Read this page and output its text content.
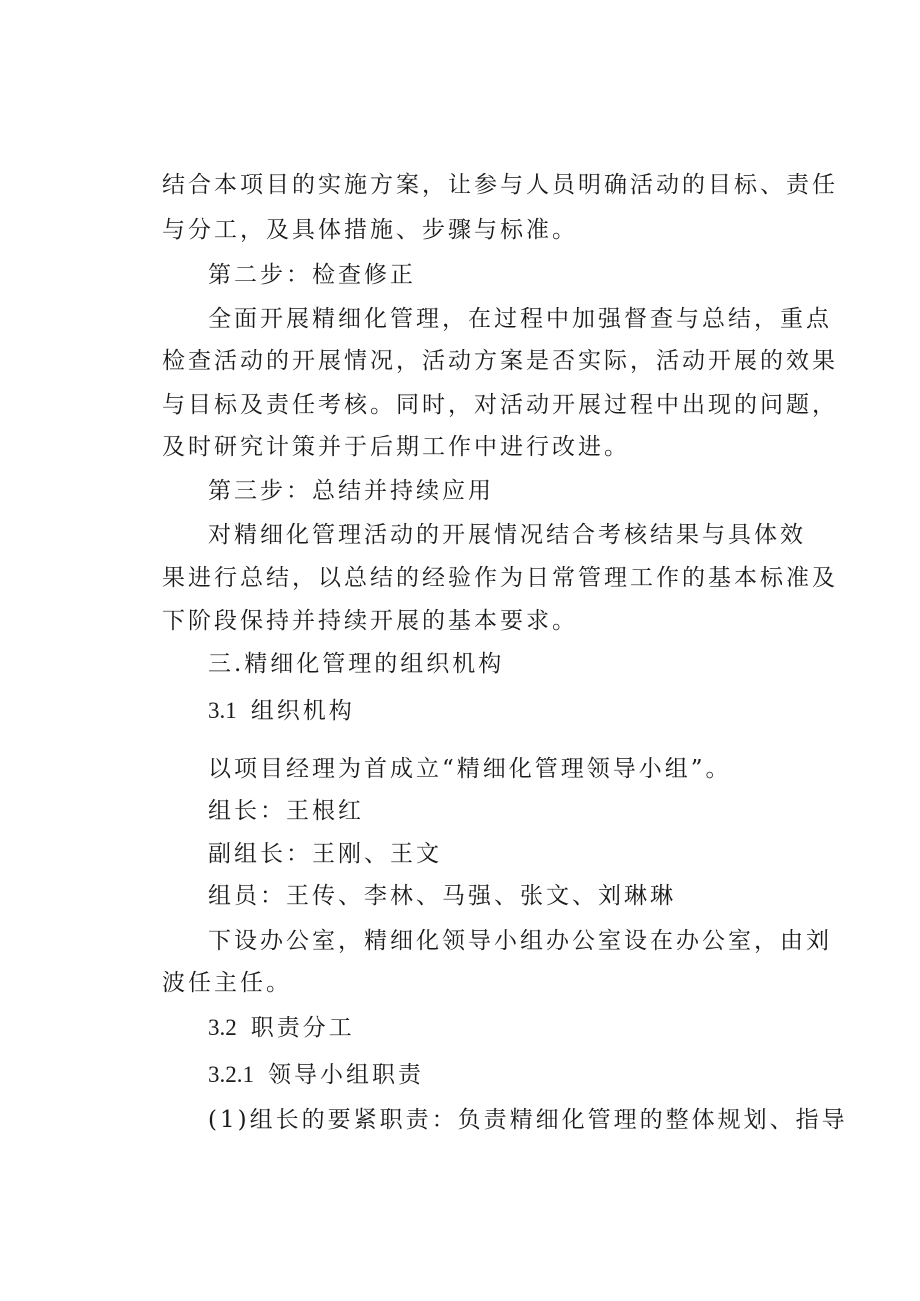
结合本项目的实施方案，让参与人员明确活动的目标、责任
与分工，及具体措施、步骤与标准。
第二步：检查修正
全面开展精细化管理，在过程中加强督查与总结，重点
检查活动的开展情况，活动方案是否实际，活动开展的效果
与目标及责任考核。同时，对活动开展过程中出现的问题，
及时研究计策并于后期工作中进行改进。
第三步：总结并持续应用
对精细化管理活动的开展情况结合考核结果与具体效
果进行总结，以总结的经验作为日常管理工作的基本标准及
下阶段保持并持续开展的基本要求。
三.精细化管理的组织机构
3.1 组织机构
以项目经理为首成立“精细化管理领导小组”。
组长：王根红
副组长：王刚、王文
组员：王传、李林、马强、张文、刘琳琳
下设办公室，精细化领导小组办公室设在办公室，由刘
波任主任。
3.2 职责分工
3.2.1 领导小组职责
(1)组长的要紧职责：负责精细化管理的整体规划、指导
